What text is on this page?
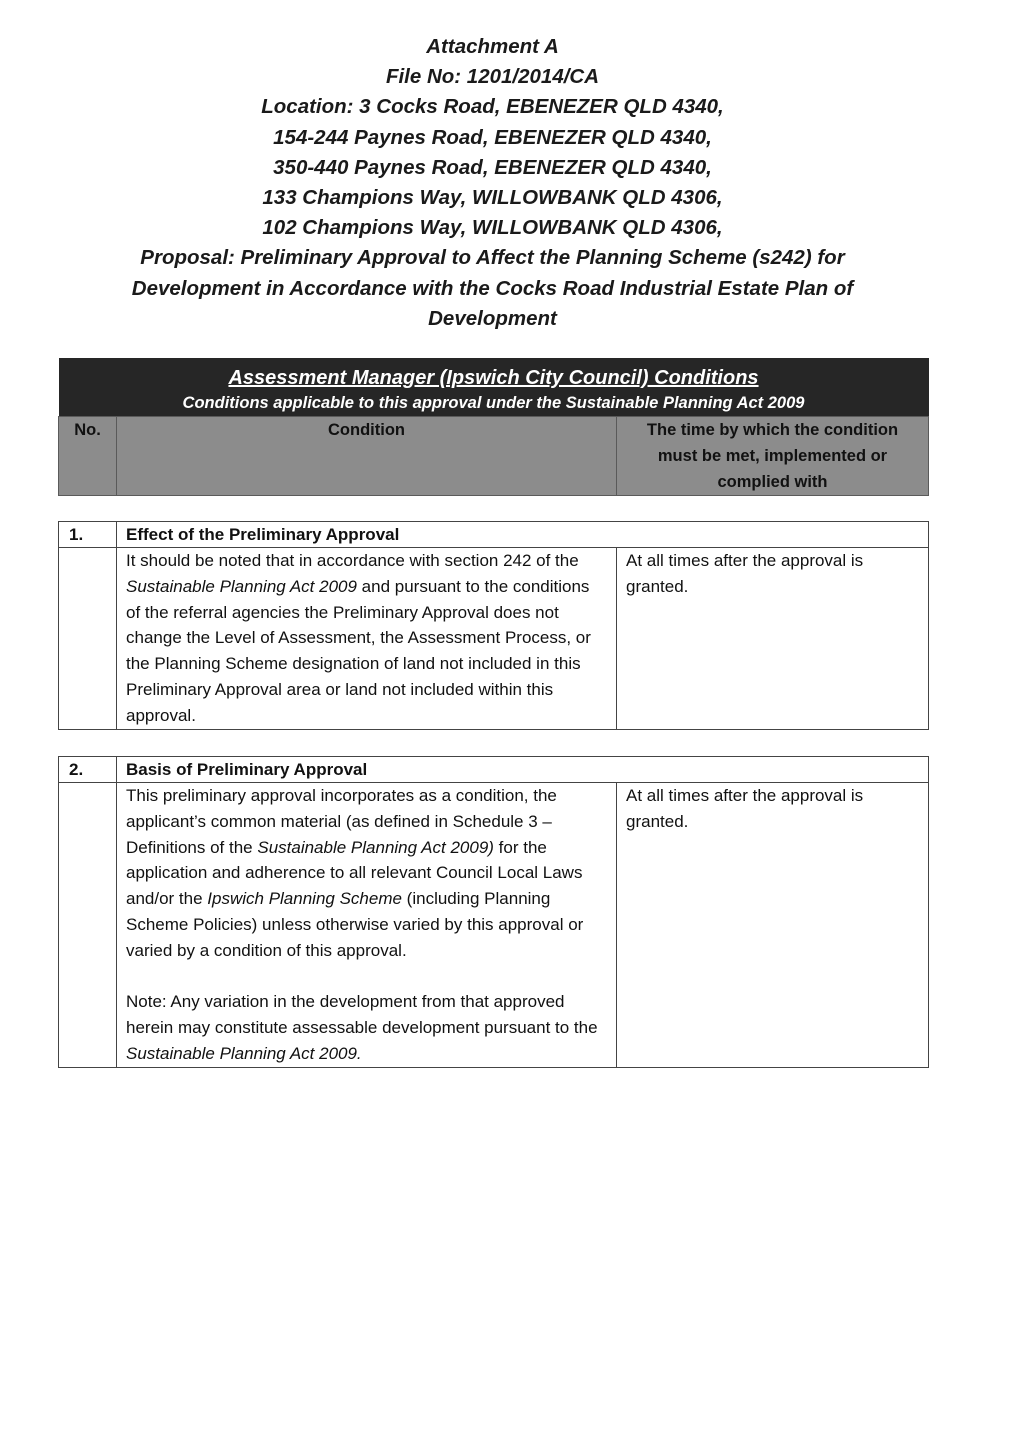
Attachment A
File No: 1201/2014/CA
Location: 3 Cocks Road, EBENEZER QLD 4340,
154-244 Paynes Road, EBENEZER QLD 4340,
350-440 Paynes Road, EBENEZER QLD 4340,
133 Champions Way, WILLOWBANK QLD 4306,
102 Champions Way, WILLOWBANK QLD 4306,
Proposal: Preliminary Approval to Affect the Planning Scheme (s242) for Development in Accordance with the Cocks Road Industrial Estate Plan of Development
Assessment Manager (Ipswich City Council) Conditions
Conditions applicable to this approval under the Sustainable Planning Act 2009
No.	Condition	The time by which the condition must be met, implemented or complied with
1.	Effect of the Preliminary Approval	

	It should be noted that in accordance with section 242 of the Sustainable Planning Act 2009 and pursuant to the conditions of the referral agencies the Preliminary Approval does not change the Level of Assessment, the Assessment Process, or the Planning Scheme designation of land not included in this Preliminary Approval area or land not included within this approval.	At all times after the approval is granted.
2.	Basis of Preliminary Approval	

	This preliminary approval incorporates as a condition, the applicant’s common material (as defined in Schedule 3 – Definitions of the Sustainable Planning Act 2009) for the application and adherence to all relevant Council Local Laws and/or the Ipswich Planning Scheme (including Planning Scheme Policies) unless otherwise varied by this approval or varied by a condition of this approval.

Note: Any variation in the development from that approved herein may constitute assessable development pursuant to the Sustainable Planning Act 2009.	At all times after the approval is granted.
